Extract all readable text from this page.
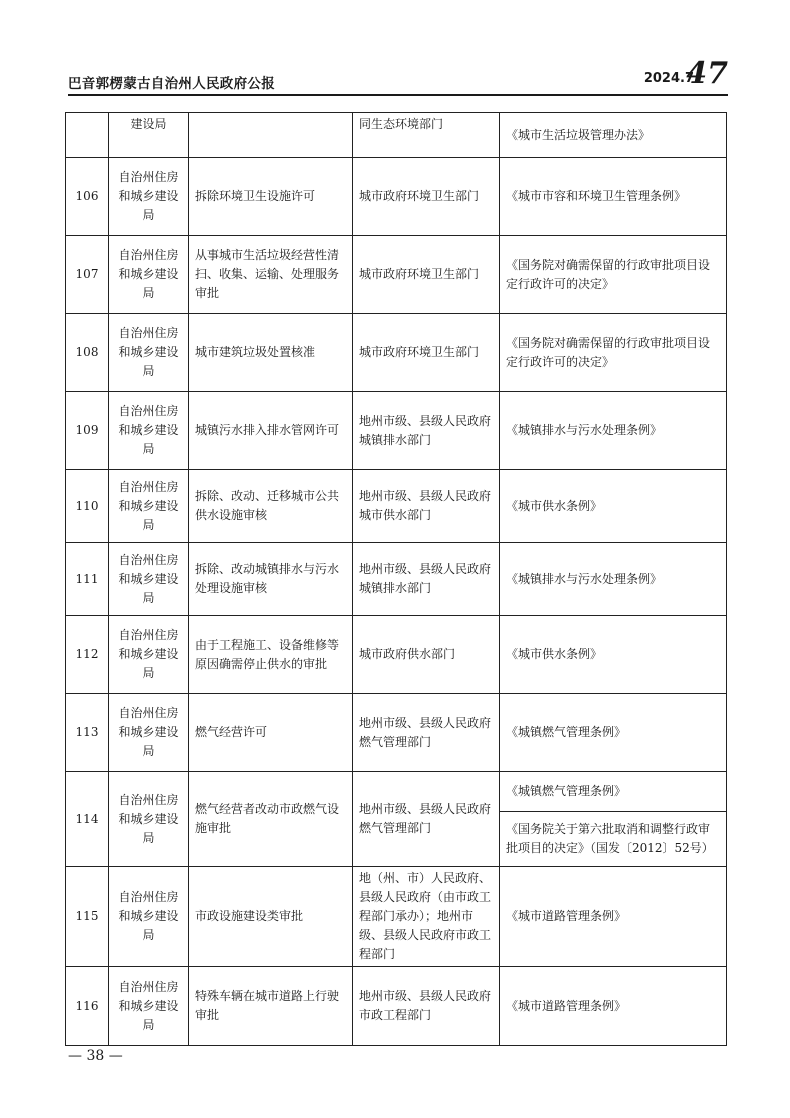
巴音郭楞蒙古自治州人民政府公报	2024.7
47
	建设局		同生态环境部门	《城市生活垃圾管理办法》
106	自治州住房和城乡建设局	拆除环境卫生设施许可	城市政府环境卫生部门	《城市市容和环境卫生管理条例》
107	自治州住房和城乡建设局	从事城市生活垃圾经营性清扫、收集、运输、处理服务审批	城市政府环境卫生部门	《国务院对确需保留的行政审批项目设定行政许可的决定》
108	自治州住房和城乡建设局	城市建筑垃圾处置核准	城市政府环境卫生部门	《国务院对确需保留的行政审批项目设定行政许可的决定》
109	自治州住房和城乡建设局	城镇污水排入排水管网许可	地州市级、县级人民政府城镇排水部门	《城镇排水与污水处理条例》
110	自治州住房和城乡建设局	拆除、改动、迁移城市公共供水设施审核	地州市级、县级人民政府城市供水部门	《城市供水条例》
111	自治州住房和城乡建设局	拆除、改动城镇排水与污水处理设施审核	地州市级、县级人民政府城镇排水部门	《城镇排水与污水处理条例》
112	自治州住房和城乡建设局	由于工程施工、设备维修等原因确需停止供水的审批	城市政府供水部门	《城市供水条例》
113	自治州住房和城乡建设局	燃气经营许可	地州市级、县级人民政府燃气管理部门	《城镇燃气管理条例》
114	自治州住房和城乡建设局	燃气经营者改动市政燃气设施审批	地州市级、县级人民政府燃气管理部门	《城镇燃气管理条例》
				《国务院关于第六批取消和调整行政审批项目的决定》（国发〔2012〕52号）
115	自治州住房和城乡建设局	市政设施建设类审批	地（州、市）人民政府、县级人民政府（由市政工程部门承办）；地州市级、县级人民政府市政工程部门	《城市道路管理条例》
116	自治州住房和城乡建设局	特殊车辆在城市道路上行驶审批	地州市级、县级人民政府市政工程部门	《城市道路管理条例》
— 38 —
